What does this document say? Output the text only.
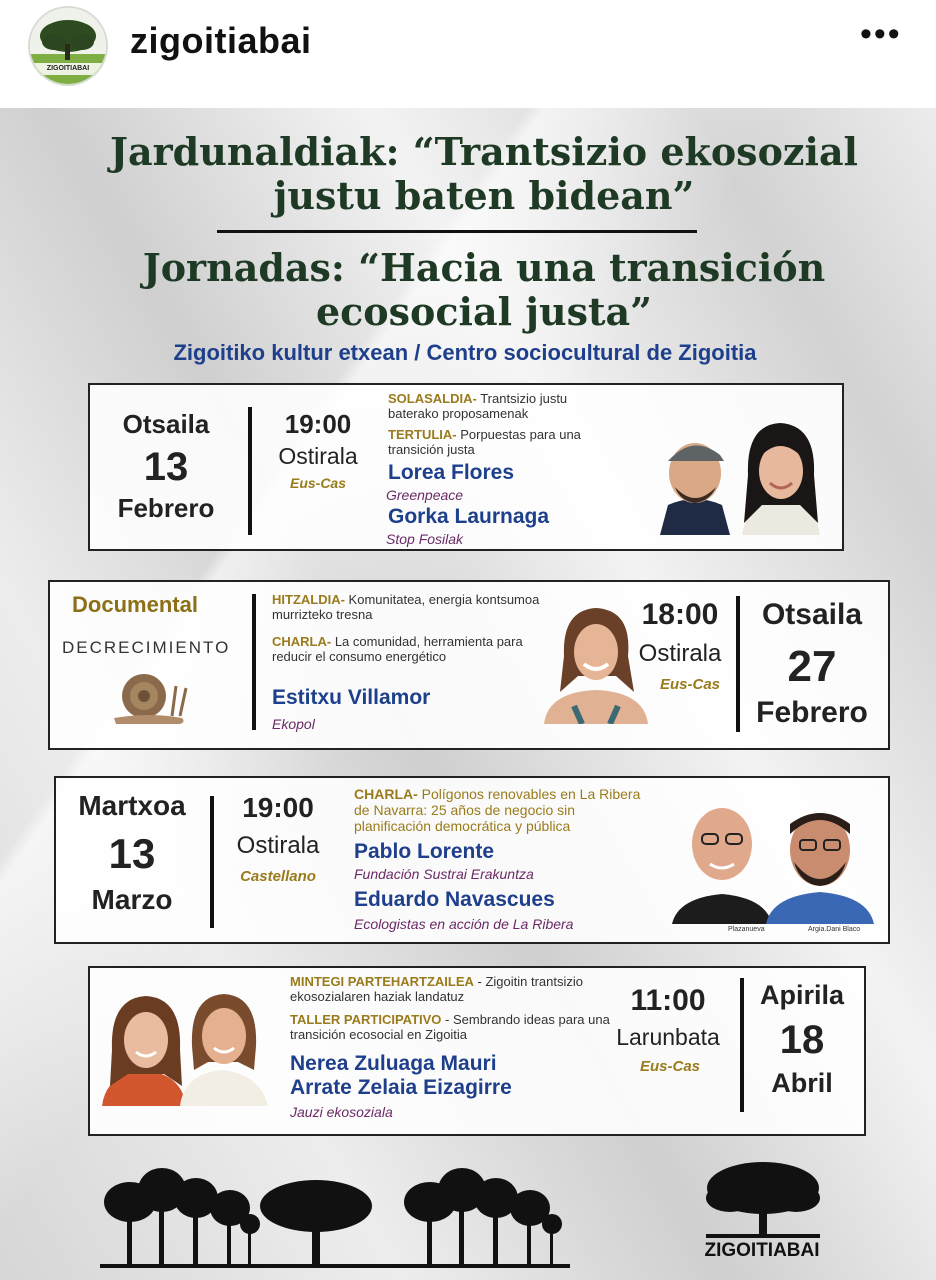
ZIGOITIABAI
zigoitiabai	•••
Jardunaldiak: “Trantsizio ekosozial
justu baten bidean”
Jornadas: “Hacia una transición
ecosocial justa”
Zigoitiko kultur etxean / Centro sociocultural de Zigoitia
Otsaila
13
Febrero
19:00
Ostirala
Eus-Cas
SOLASALDIA- Trantsizio justu baterako proposamenak
TERTULIA- Porpuestas para una transición justa
Lorea Flores
Greenpeace
Gorka Laurnaga
Stop Fosilak
Documental
DECRECIMIENTO
HITZALDIA- Komunitatea, energia kontsumoa murrizteko tresna
CHARLA- La comunidad, herramienta para reducir el consumo energético
Estitxu Villamor
Ekopol
18:00
Ostirala
Eus-Cas
Otsaila
27
Febrero
Martxoa
13
Marzo
19:00
Ostirala
Castellano
CHARLA- Polígonos renovables en La Ribera de Navarra: 25 años de negocio sin planificación democrática y pública
Pablo Lorente
Fundación Sustrai Erakuntza
Eduardo Navascues
Ecologistas en acción de La Ribera	Plazanueva	Argia.Dani Blaco
MINTEGI PARTEHARTZAILEA - Zigoitin trantsizio ekosozialaren haziak landatuz
TALLER PARTICIPATIVO - Sembrando ideas para una transición ecosocial en Zigoitia
Nerea Zuluaga Mauri
Arrate Zelaia Eizagirre
Jauzi ekosoziala
11:00
Larunbata
Eus-Cas
Apirila
18
Abril
ZIGOITIABAI
